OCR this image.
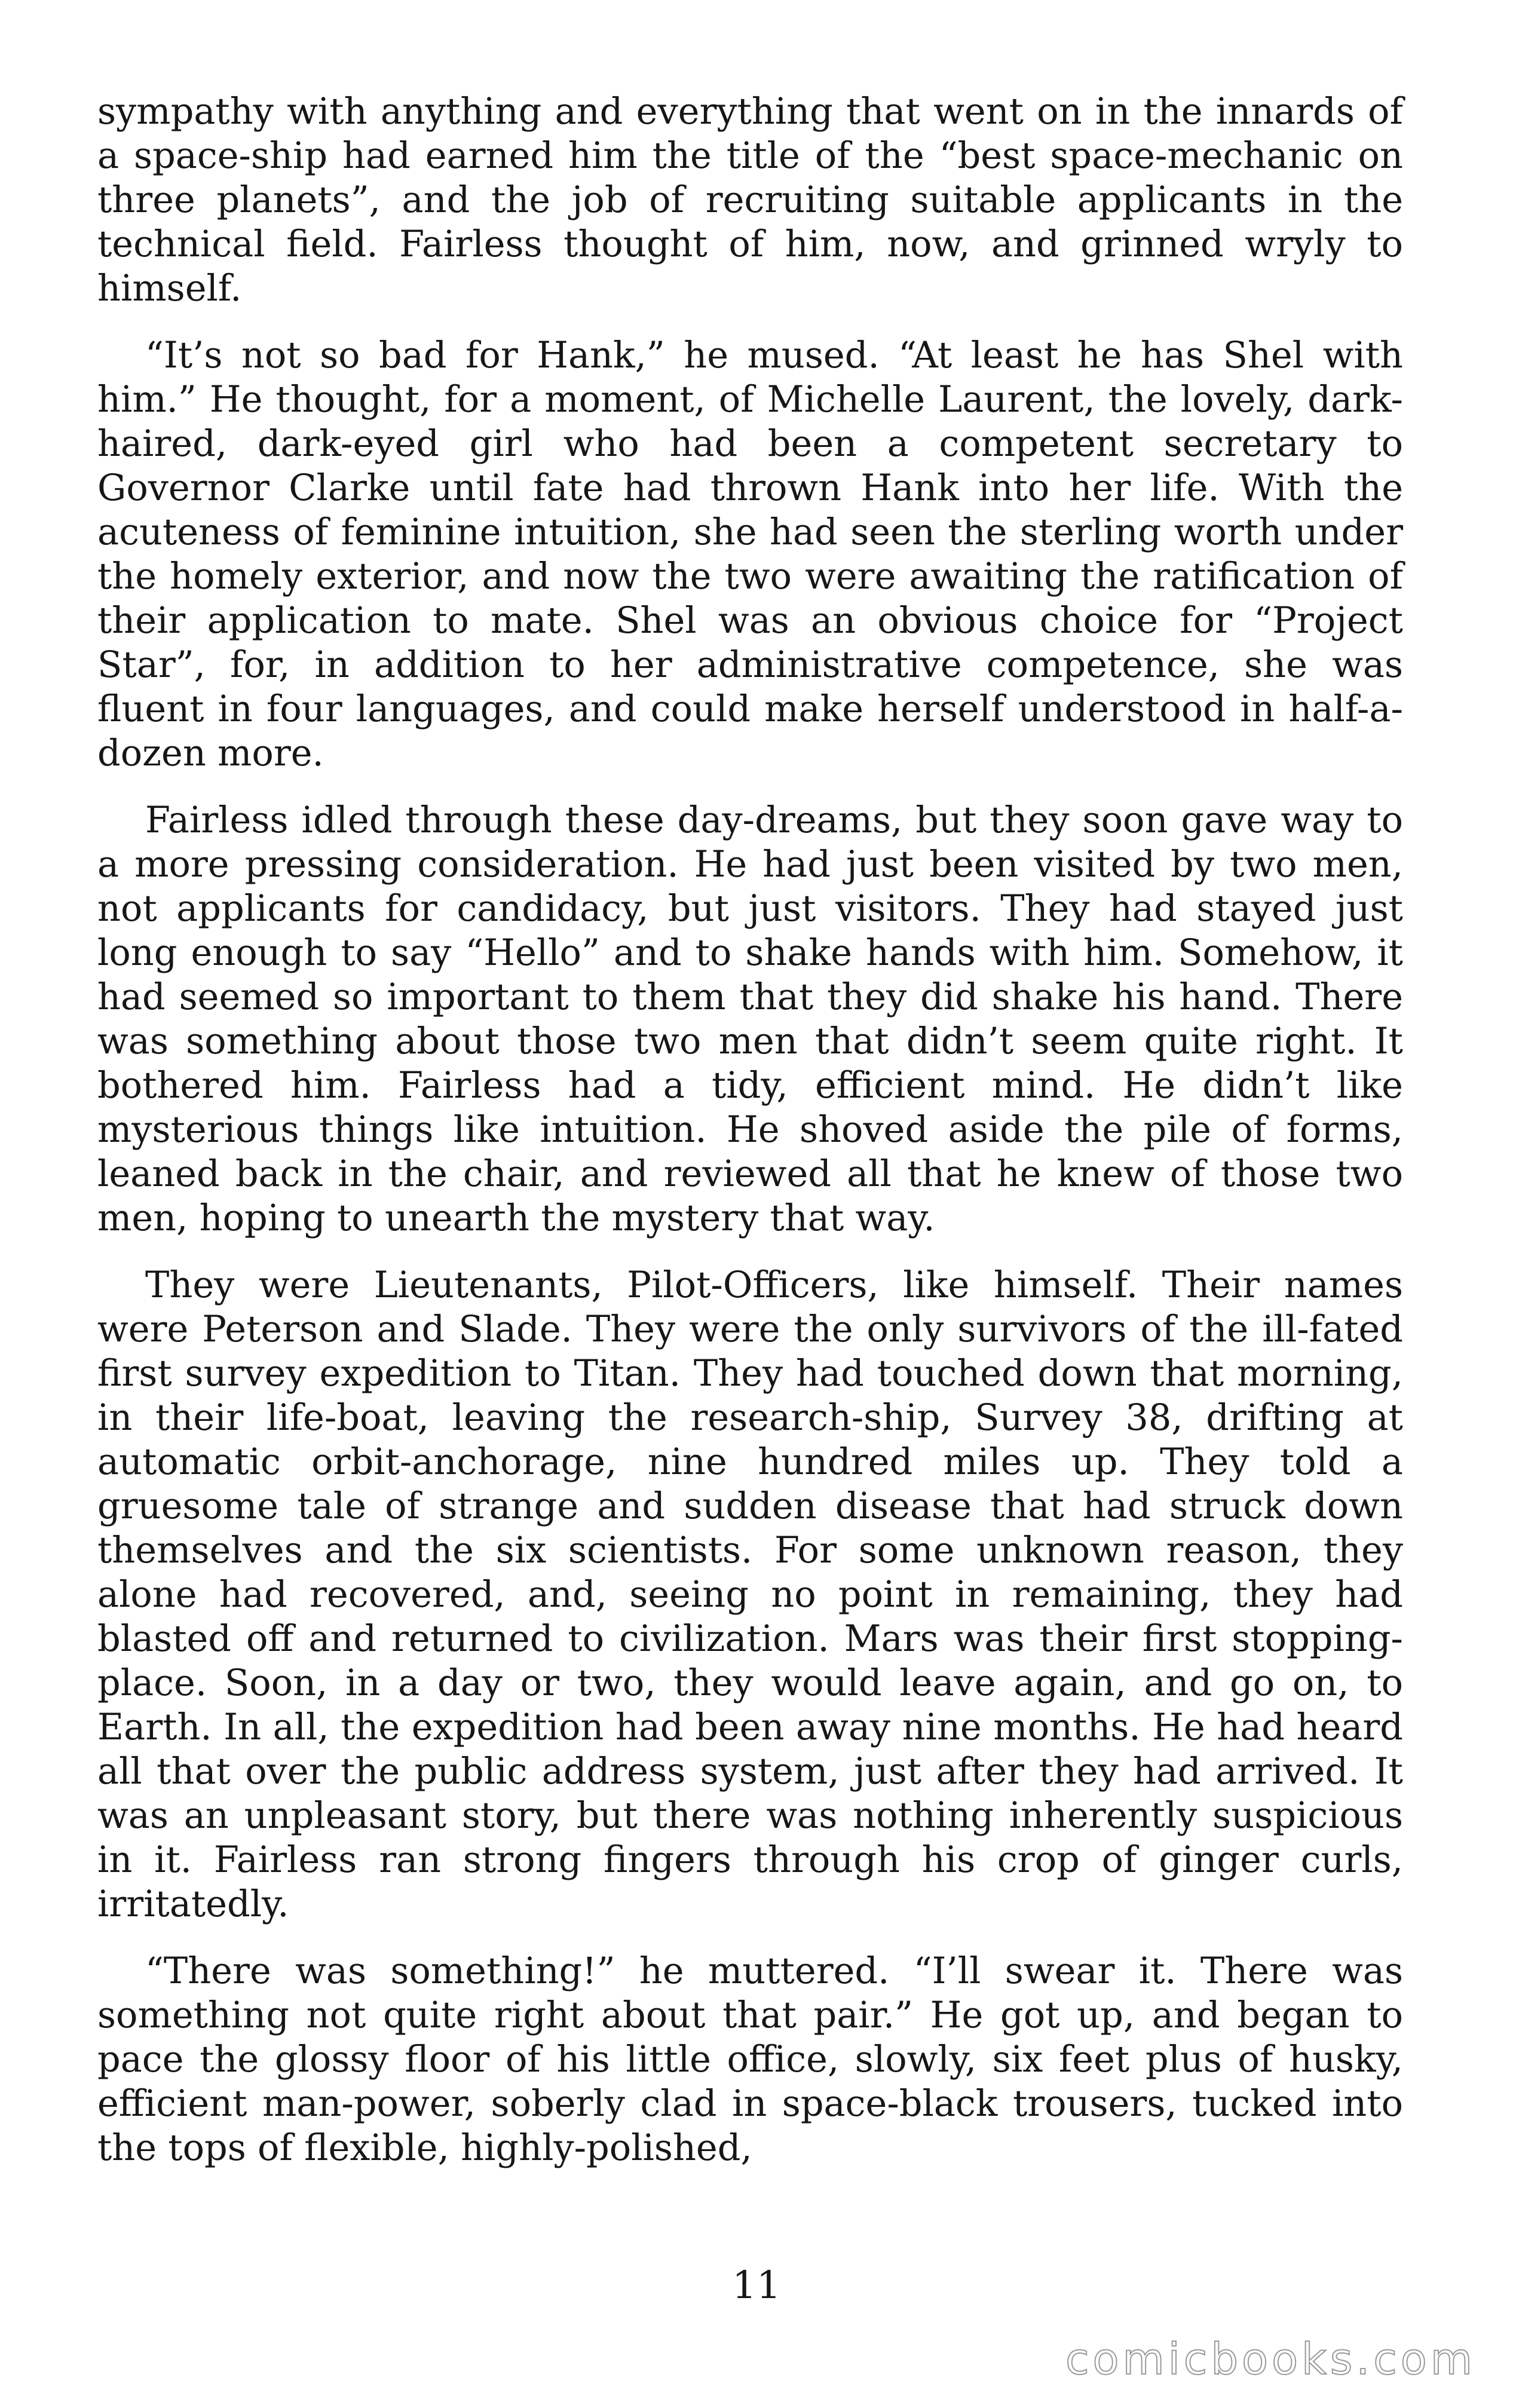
sympathy with anything and everything that went on in the innards of a space-ship had earned him the title of the “best space-mechanic on three planets”, and the job of recruiting suitable applicants in the technical field. Fairless thought of him, now, and grinned wryly to himself.

“It’s not so bad for Hank,” he mused. “At least he has Shel with him.” He thought, for a moment, of Michelle Laurent, the lovely, dark-haired, dark-eyed girl who had been a competent secretary to Governor Clarke until fate had thrown Hank into her life. With the acuteness of feminine intuition, she had seen the sterling worth under the homely exterior, and now the two were awaiting the ratification of their application to mate. Shel was an obvious choice for “Project Star”, for, in addition to her administrative competence, she was fluent in four languages, and could make herself understood in half-a-dozen more.

Fairless idled through these day-dreams, but they soon gave way to a more pressing consideration. He had just been visited by two men, not applicants for candidacy, but just visitors. They had stayed just long enough to say “Hello” and to shake hands with him. Somehow, it had seemed so important to them that they did shake his hand. There was something about those two men that didn’t seem quite right. It bothered him. Fairless had a tidy, efficient mind. He didn’t like mysterious things like intuition. He shoved aside the pile of forms, leaned back in the chair, and reviewed all that he knew of those two men, hoping to unearth the mystery that way.

They were Lieutenants, Pilot-Officers, like himself. Their names were Peterson and Slade. They were the only survivors of the ill-fated first survey expedition to Titan. They had touched down that morning, in their life-boat, leaving the research-ship, Survey 38, drifting at automatic orbit-anchorage, nine hundred miles up. They told a gruesome tale of strange and sudden disease that had struck down themselves and the six scientists. For some unknown reason, they alone had recovered, and, seeing no point in remaining, they had blasted off and returned to civilization. Mars was their first stopping-place. Soon, in a day or two, they would leave again, and go on, to Earth. In all, the expedition had been away nine months. He had heard all that over the public address system, just after they had arrived. It was an unpleasant story, but there was nothing inherently suspicious in it. Fairless ran strong fingers through his crop of ginger curls, irritatedly.

“There was something!” he muttered. “I’ll swear it. There was something not quite right about that pair.” He got up, and began to pace the glossy floor of his little office, slowly, six feet plus of husky, efficient man-power, soberly clad in space-black trousers, tucked into the tops of flexible, highly-polished,

11
comicbooks.com
